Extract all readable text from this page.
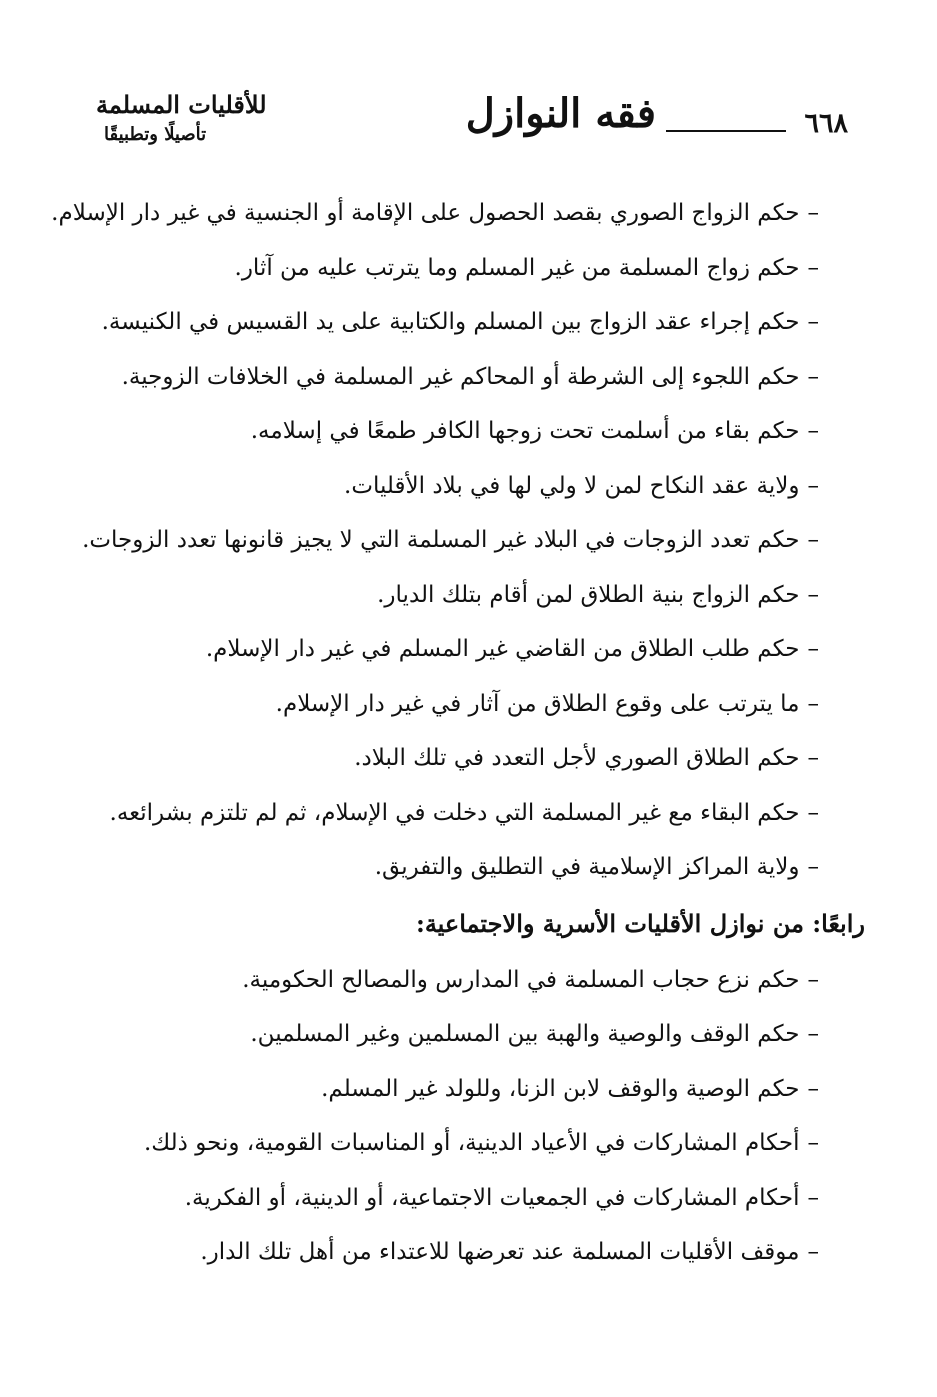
٦٦٨
فقه النوازل
للأقليات المسلمة
تأصيلًا وتطبيقًا
–حكم الزواج الصوري بقصد الحصول على الإقامة أو الجنسية في غير دار الإسلام.
–حكم زواج المسلمة من غير المسلم وما يترتب عليه من آثار.
–حكم إجراء عقد الزواج بين المسلم والكتابية على يد القسيس في الكنيسة.
–حكم اللجوء إلى الشرطة أو المحاكم غير المسلمة في الخلافات الزوجية.
–حكم بقاء من أسلمت تحت زوجها الكافر طمعًا في إسلامه.
–ولاية عقد النكاح لمن لا ولي لها في بلاد الأقليات.
–حكم تعدد الزوجات في البلاد غير المسلمة التي لا يجيز قانونها تعدد الزوجات.
–حكم الزواج بنية الطلاق لمن أقام بتلك الديار.
–حكم طلب الطلاق من القاضي غير المسلم في غير دار الإسلام.
–ما يترتب على وقوع الطلاق من آثار في غير دار الإسلام.
–حكم الطلاق الصوري لأجل التعدد في تلك البلاد.
–حكم البقاء مع غير المسلمة التي دخلت في الإسلام، ثم لم تلتزم بشرائعه.
–ولاية المراكز الإسلامية في التطليق والتفريق.
رابعًا: من نوازل الأقليات الأسرية والاجتماعية:
–حكم نزع حجاب المسلمة في المدارس والمصالح الحكومية.
–حكم الوقف والوصية والهبة بين المسلمين وغير المسلمين.
–حكم الوصية والوقف لابن الزنا، وللولد غير المسلم.
–أحكام المشاركات في الأعياد الدينية، أو المناسبات القومية، ونحو ذلك.
–أحكام المشاركات في الجمعيات الاجتماعية، أو الدينية، أو الفكرية.
–موقف الأقليات المسلمة عند تعرضها للاعتداء من أهل تلك الدار.
